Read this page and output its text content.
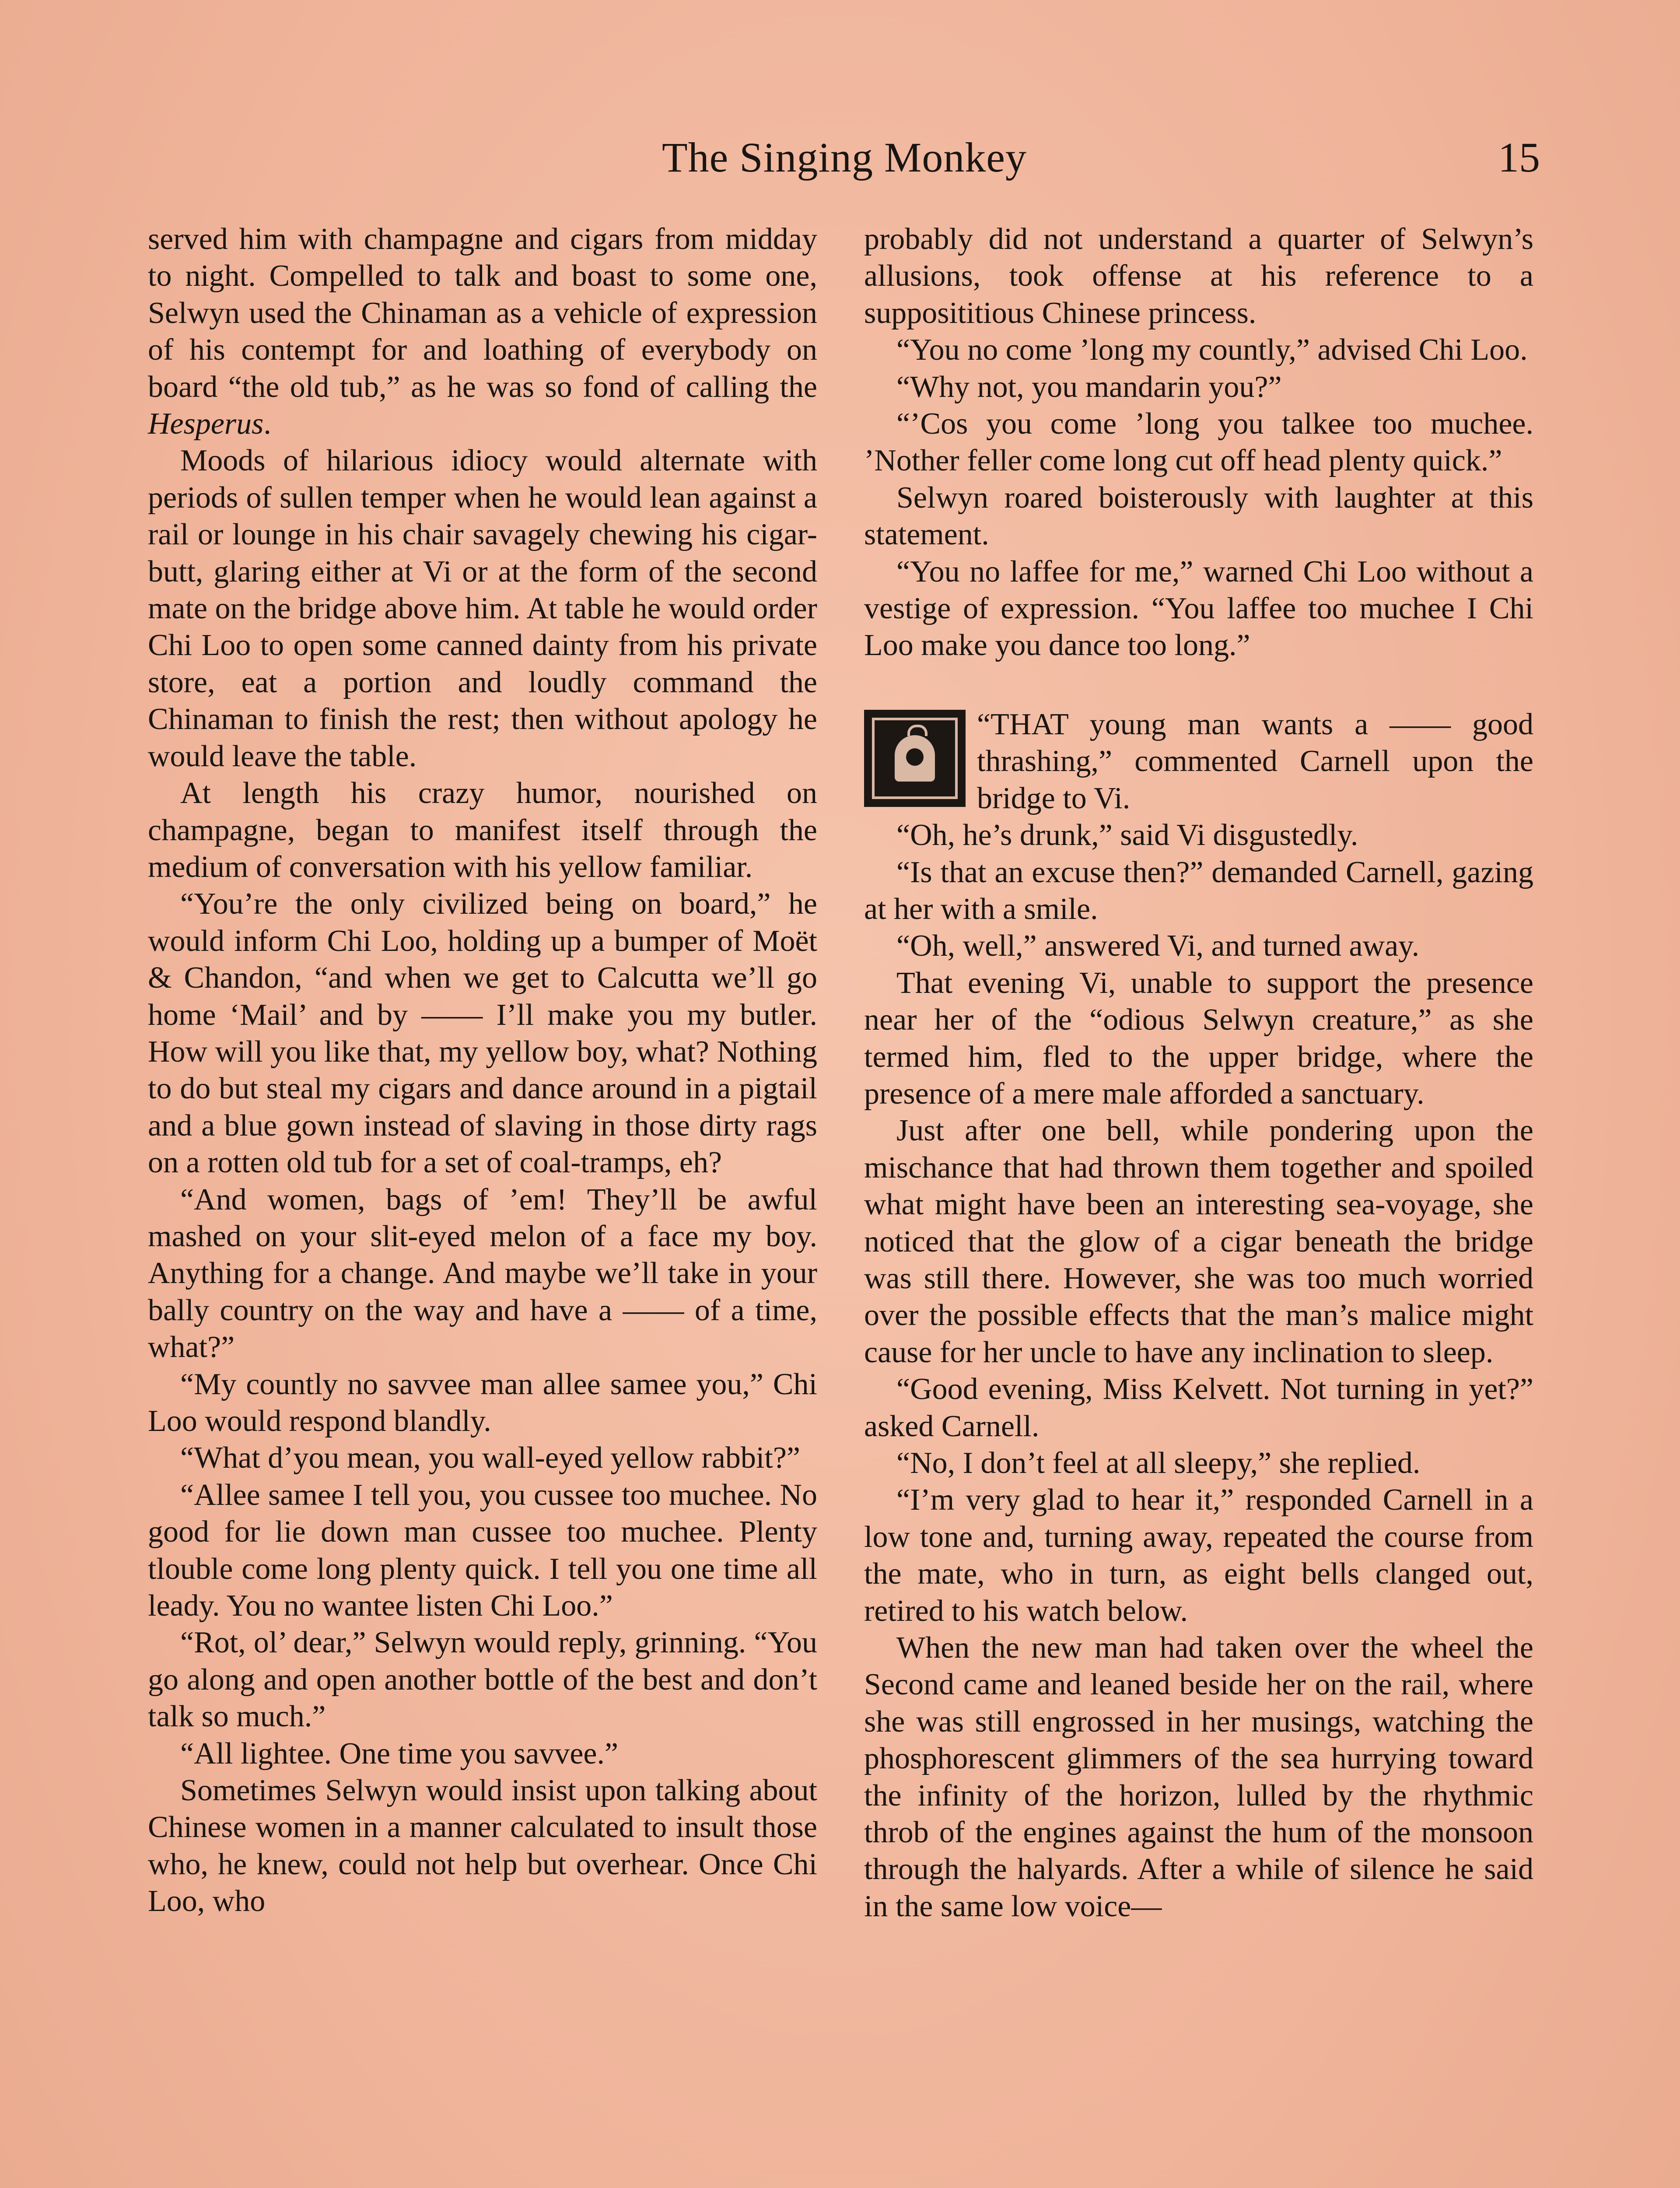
The Singing Monkey	15

served him with champagne and cigars from midday to night. Compelled to talk and boast to some one, Selwyn used the Chinaman as a vehicle of expression of his contempt for and loathing of everybody on board “the old tub,” as he was so fond of calling the Hesperus.

Moods of hilarious idiocy would alternate with periods of sullen temper when he would lean against a rail or lounge in his chair savagely chewing his cigar-butt, glaring either at Vi or at the form of the second mate on the bridge above him. At table he would order Chi Loo to open some canned dainty from his private store, eat a portion and loudly command the Chinaman to finish the rest; then without apology he would leave the table.

At length his crazy humor, nourished on champagne, began to manifest itself through the medium of conversation with his yellow familiar.

“You’re the only civilized being on board,” he would inform Chi Loo, holding up a bumper of Moët & Chandon, “and when we get to Calcutta we’ll go home ‘Mail’ and by —— I’ll make you my butler. How will you like that, my yellow boy, what? Nothing to do but steal my cigars and dance around in a pigtail and a blue gown instead of slaving in those dirty rags on a rotten old tub for a set of coal-tramps, eh?

“And women, bags of ’em! They’ll be awful mashed on your slit-eyed melon of a face my boy. Anything for a change. And maybe we’ll take in your bally country on the way and have a —— of a time, what?”

“My countly no savvee man allee samee you,” Chi Loo would respond blandly.

“What d’you mean, you wall-eyed yellow rabbit?”

“Allee samee I tell you, you cussee too muchee. No good for lie down man cussee too muchee. Plenty tlouble come long plenty quick. I tell you one time all leady. You no wantee listen Chi Loo.”

“Rot, ol’ dear,” Selwyn would reply, grinning. “You go along and open another bottle of the best and don’t talk so much.”

“All lightee. One time you savvee.”

Sometimes Selwyn would insist upon talking about Chinese women in a manner calculated to insult those who, he knew, could not help but overhear. Once Chi Loo, who

probably did not understand a quarter of Selwyn’s allusions, took offense at his reference to a supposititious Chinese princess.

“You no come ’long my countly,” advised Chi Loo.

“Why not, you mandarin you?”

“’Cos you come ’long you talkee too muchee. ’Nother feller come long cut off head plenty quick.”

Selwyn roared boisterously with laughter at this statement.

“You no laffee for me,” warned Chi Loo without a vestige of expression. “You laffee too muchee I Chi Loo make you dance too long.”

“THAT young man wants a —— good thrashing,” commented Carnell upon the bridge to Vi.

“Oh, he’s drunk,” said Vi disgustedly.

“Is that an excuse then?” demanded Carnell, gazing at her with a smile.

“Oh, well,” answered Vi, and turned away.

That evening Vi, unable to support the presence near her of the “odious Selwyn creature,” as she termed him, fled to the upper bridge, where the presence of a mere male afforded a sanctuary.

Just after one bell, while pondering upon the mischance that had thrown them together and spoiled what might have been an interesting sea-voyage, she noticed that the glow of a cigar beneath the bridge was still there. However, she was too much worried over the possible effects that the man’s malice might cause for her uncle to have any inclination to sleep.

“Good evening, Miss Kelvett. Not turning in yet?” asked Carnell.

“No, I don’t feel at all sleepy,” she replied.

“I’m very glad to hear it,” responded Carnell in a low tone and, turning away, repeated the course from the mate, who in turn, as eight bells clanged out, retired to his watch below.

When the new man had taken over the wheel the Second came and leaned beside her on the rail, where she was still engrossed in her musings, watching the phosphorescent glimmers of the sea hurrying toward the infinity of the horizon, lulled by the rhythmic throb of the engines against the hum of the monsoon through the halyards. After a while of silence he said in the same low voice—
